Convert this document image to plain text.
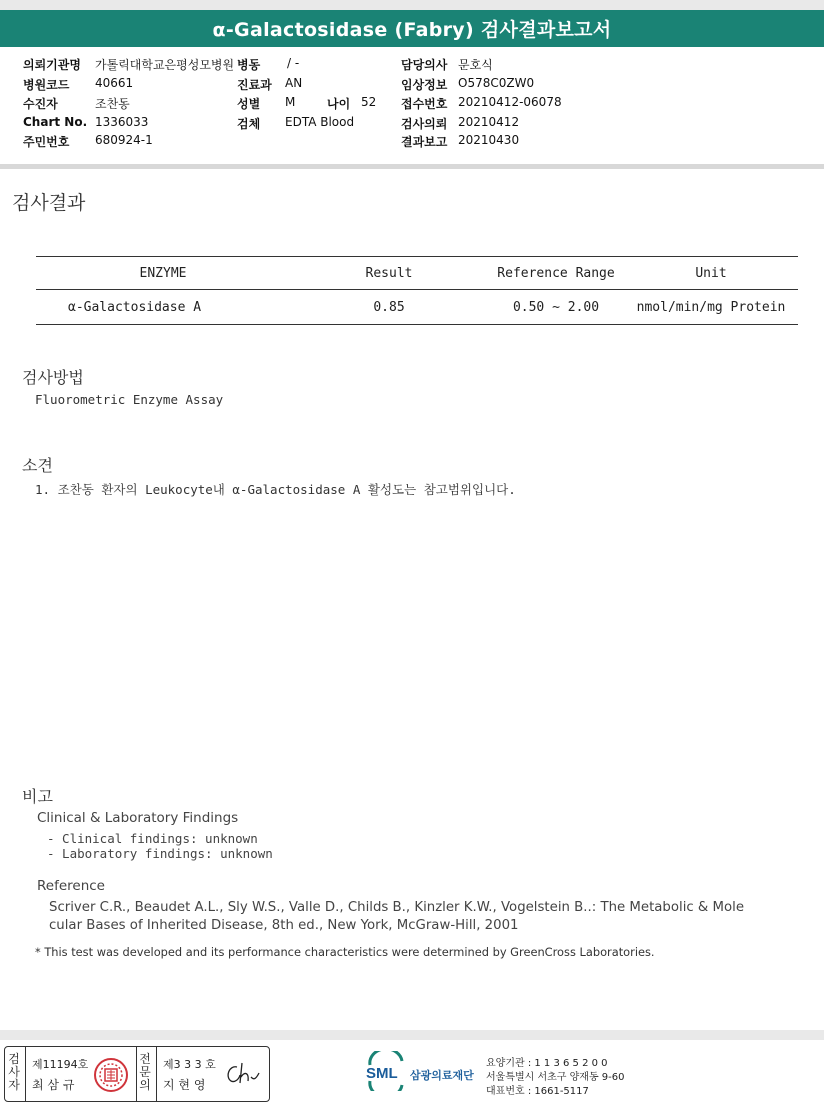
α-Galactosidase (Fabry) 검사결과보고서
의뢰기관명 가톨릭대학교은평성모병원
병원코드 40661
수진자	조찬동
Chart No. 1336033
주민번호 680924-1
병동 / -
진료과 AN
성별 M	나이 52
검체 EDTA Blood
담당의사 문호식
임상정보 O578C0ZW0
접수번호 20210412-06078
검사의뢰 20210412
결과보고 20210430
검사결과
ENZYME	Result	Reference Range	Unit
α-Galactosidase A	0.85	0.50 ~ 2.00	nmol/min/mg Protein
검사방법
Fluorometric Enzyme Assay
소견
1. 조찬동 환자의 Leukocyte내 α-Galactosidase A 활성도는 참고범위입니다.
비고
Clinical & Laboratory Findings
- Clinical findings: unknown
- Laboratory findings: unknown
Reference
Scriver C.R., Beaudet A.L., Sly W.S., Valle D., Childs B., Kinzler K.W., Vogelstein B..: The Metabolic & Mole
cular Bases of Inherited Disease, 8th ed., New York, McGraw-Hill, 2001
* This test was developed and its performance characteristics were determined by GreenCross Laboratories.
검
사
자
제11194호
최 삼 규
전
문
의
제3 3 3 호
지 현 영
SML 삼광의료재단
요양기관 : 1 1 3 6 5 2 0 0
서울특별시 서초구 양재동 9-60
대표번호 : 1661-5117
